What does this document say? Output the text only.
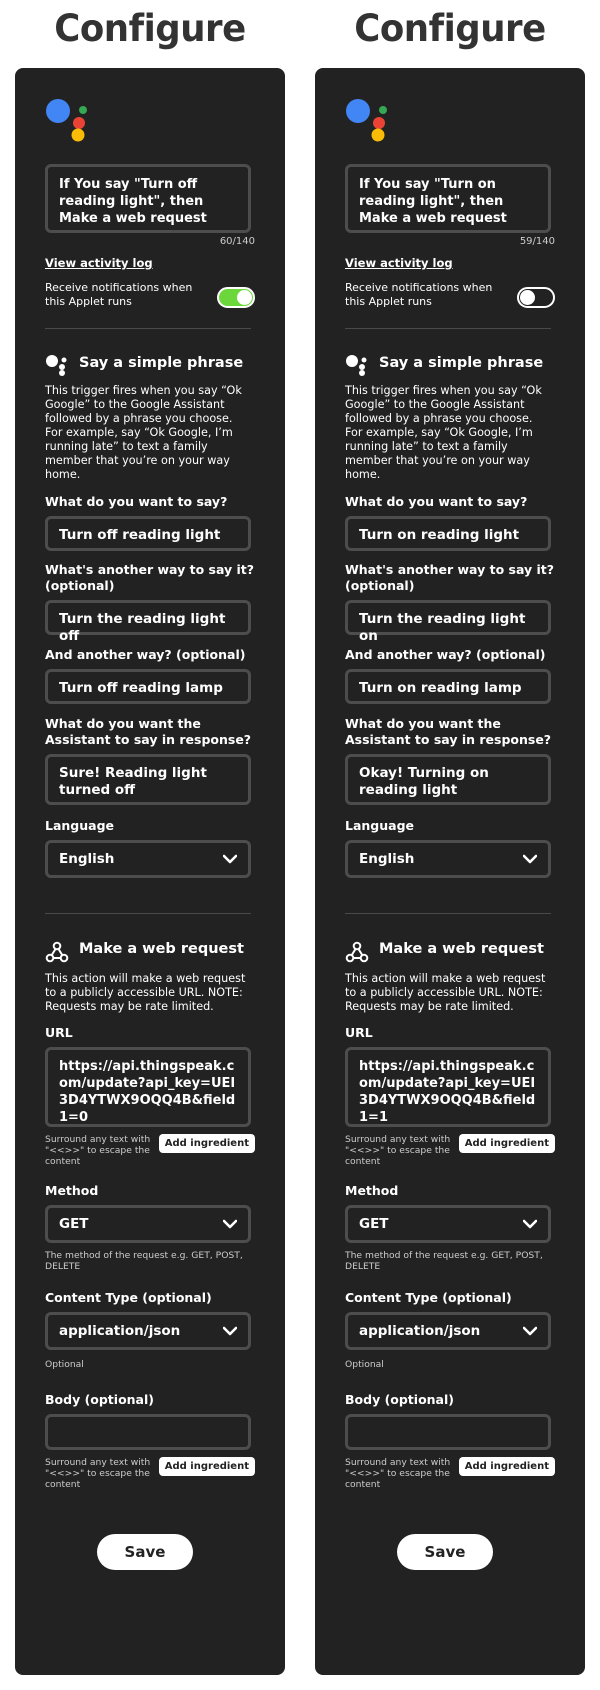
Configure
If You say "Turn off reading light", then Make a web request
60/140
View activity log
Receive notifications when this Applet runs
Say a simple phrase
This trigger fires when you say “Ok Google” to the Google Assistant followed by a phrase you choose. For example, say “Ok Google, I’m running late” to text a family member that you’re on your way home.
What do you want to say?
Turn off reading light
What's another way to say it? (optional)
Turn the reading light off
And another way? (optional)
Turn off reading lamp
What do you want the Assistant to say in response?
Sure! Reading light turned off
Language
English
Make a web request
This action will make a web request to a publicly accessible URL. NOTE: Requests may be rate limited.
URL
https://api.thingspeak.com/update?api_key=UEI3D4YTWX9OQQ4B&field1=0
Surround any text with "<<>>" to escape the content
Add ingredient
Method
GET
The method of the request e.g. GET, POST, DELETE
Content Type (optional)
application/json
Optional
Body (optional)
Surround any text with "<<>>" to escape the content
Add ingredient
Save
Configure
If You say "Turn on reading light", then Make a web request
59/140
View activity log
Receive notifications when this Applet runs
Say a simple phrase
This trigger fires when you say “Ok Google” to the Google Assistant followed by a phrase you choose. For example, say “Ok Google, I’m running late” to text a family member that you’re on your way home.
What do you want to say?
Turn on reading light
What's another way to say it? (optional)
Turn the reading light on
And another way? (optional)
Turn on reading lamp
What do you want the Assistant to say in response?
Okay! Turning on reading light
Language
English
Make a web request
This action will make a web request to a publicly accessible URL. NOTE: Requests may be rate limited.
URL
https://api.thingspeak.com/update?api_key=UEI3D4YTWX9OQQ4B&field1=1
Surround any text with "<<>>" to escape the content
Add ingredient
Method
GET
The method of the request e.g. GET, POST, DELETE
Content Type (optional)
application/json
Optional
Body (optional)
Surround any text with "<<>>" to escape the content
Add ingredient
Save
